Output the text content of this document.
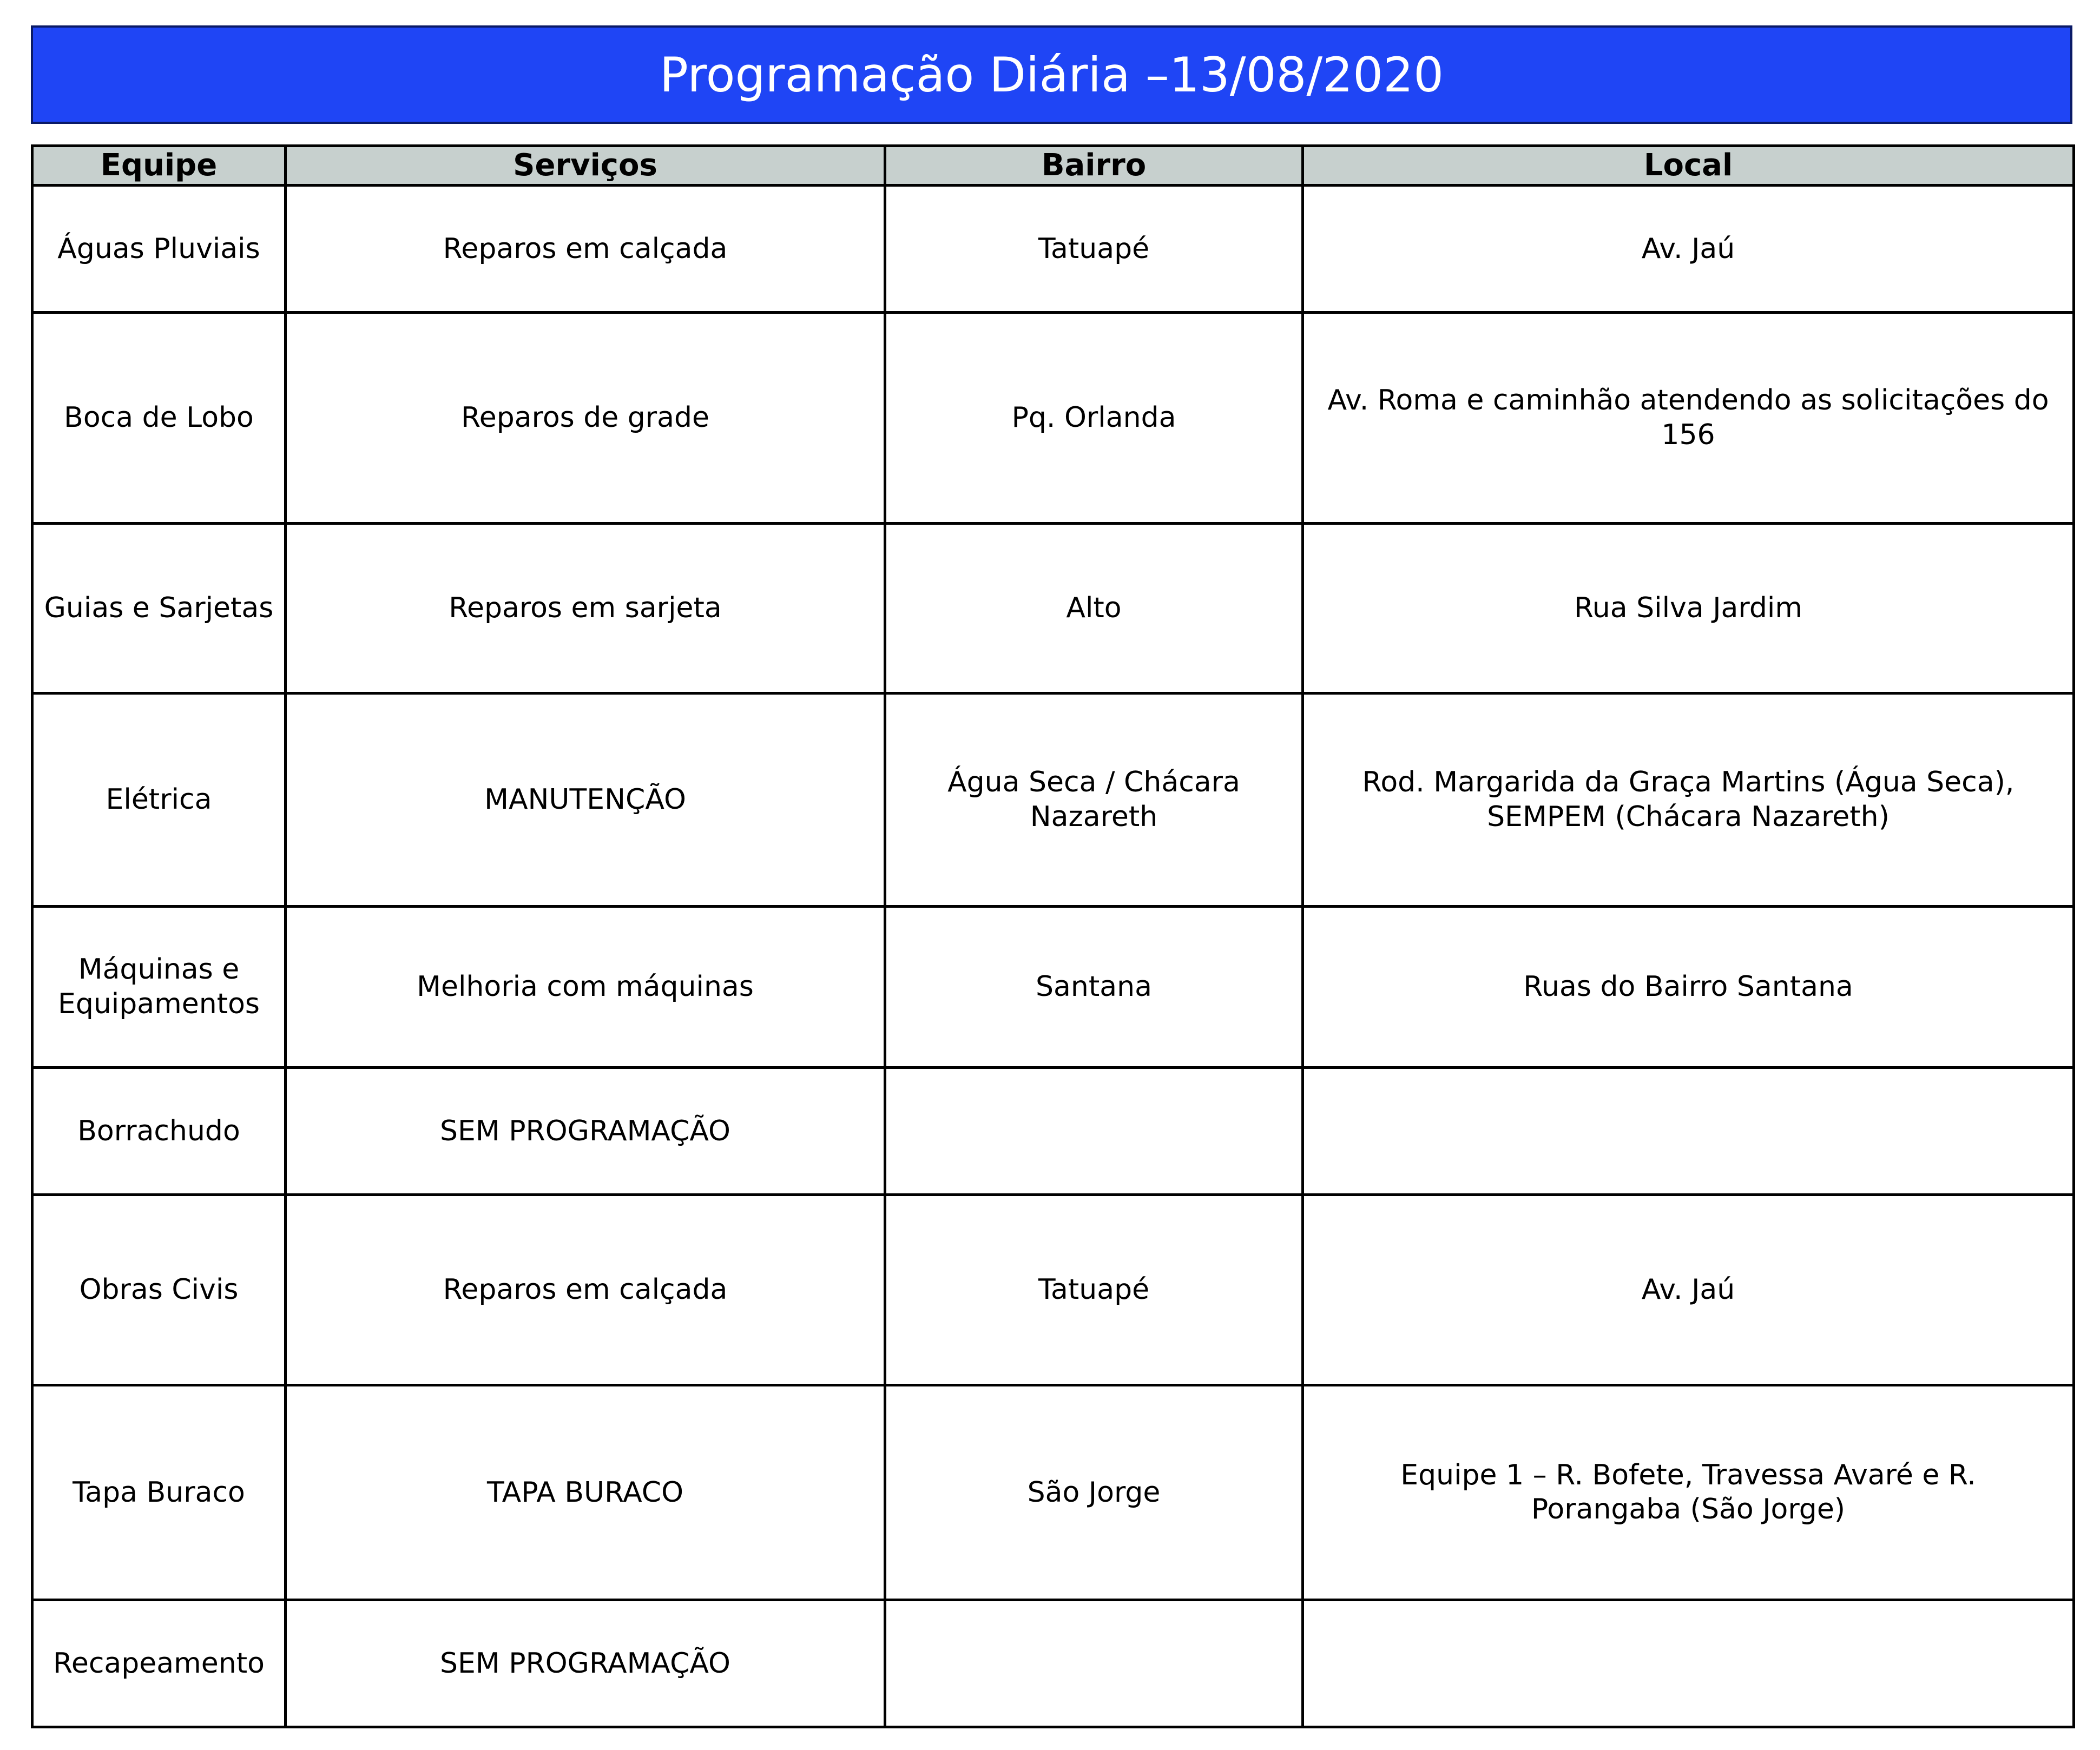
Programação Diária – 13/08/2020
Equipe	Serviços	Bairro	Local
Águas Pluviais	Reparos em calçada	Tatuapé	Av. Jaú
Boca de Lobo	Reparos de grade	Pq. Orlanda	Av. Roma e caminhão atendendo as solicitações do 156
Guias e Sarjetas	Reparos em sarjeta	Alto	Rua Silva Jardim
Elétrica	MANUTENÇÃO	Água Seca / Chácara Nazareth	Rod. Margarida da Graça Martins (Água Seca), SEMPEM (Chácara Nazareth)
Máquinas e Equipamentos	Melhoria com máquinas	Santana	Ruas do Bairro Santana
Borrachudo	SEM PROGRAMAÇÃO		
Obras Civis	Reparos em calçada	Tatuapé	Av. Jaú
Tapa Buraco	TAPA BURACO	São Jorge	Equipe 1 – R. Bofete, Travessa Avaré e R. Porangaba (São Jorge)
Recapeamento	SEM PROGRAMAÇÃO		
